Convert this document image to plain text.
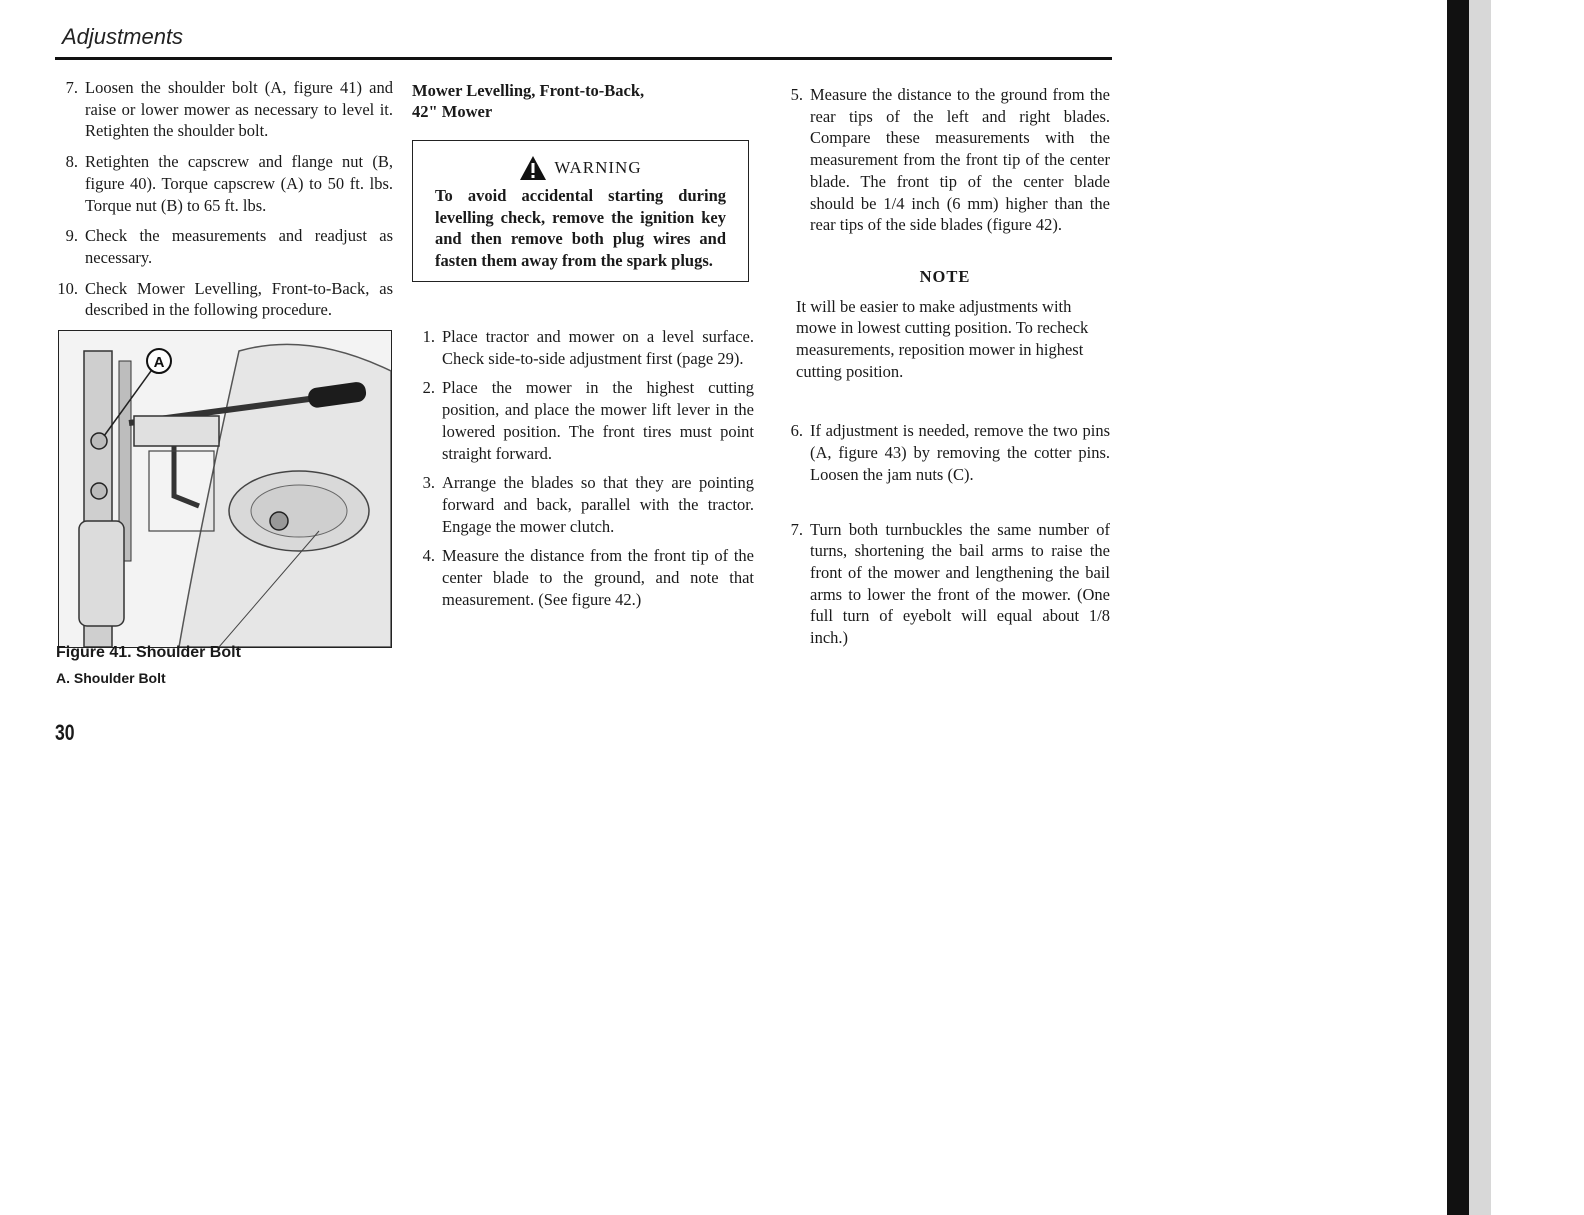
Adjustments
7. Loosen the shoulder bolt (A, figure 41) and raise or lower mower as necessary to level it. Retighten the shoulder bolt.
8. Retighten the capscrew and flange nut (B, figure 40). Torque capscrew (A) to 50 ft. lbs. Torque nut (B) to 65 ft. lbs.
9. Check the measurements and readjust as necessary.
10. Check Mower Levelling, Front-to-Back, as described in the following procedure.
A
Figure 41. Shoulder Bolt
A. Shoulder Bolt
30
Mower Levelling, Front-to-Back,
42" Mower
WARNING
To avoid accidental starting during levelling check, remove the ignition key and then remove both plug wires and fasten them away from the spark plugs.
1. Place tractor and mower on a level surface. Check side-to-side adjustment first (page 29).
2. Place the mower in the highest cutting position, and place the mower lift lever in the lowered position. The front tires must point straight forward.
3. Arrange the blades so that they are pointing forward and back, parallel with the tractor. Engage the mower clutch.
4. Measure the distance from the front tip of the center blade to the ground, and note that measurement. (See figure 42.)
5. Measure the distance to the ground from the rear tips of the left and right blades. Compare these measurements with the measurement from the front tip of the center blade. The front tip of the center blade should be 1/4 inch (6 mm) higher than the rear tips of the side blades (figure 42).
NOTE
It will be easier to make adjustments with mowe in lowest cutting position. To recheck measurements, reposition mower in highest cutting position.
6. If adjustment is needed, remove the two pins (A, figure 43) by removing the cotter pins. Loosen the jam nuts (C).
7. Turn both turnbuckles the same number of turns, shortening the bail arms to raise the front of the mower and lengthening the bail arms to lower the front of the mower. (One full turn of eyebolt will equal about 1/8 inch.)
